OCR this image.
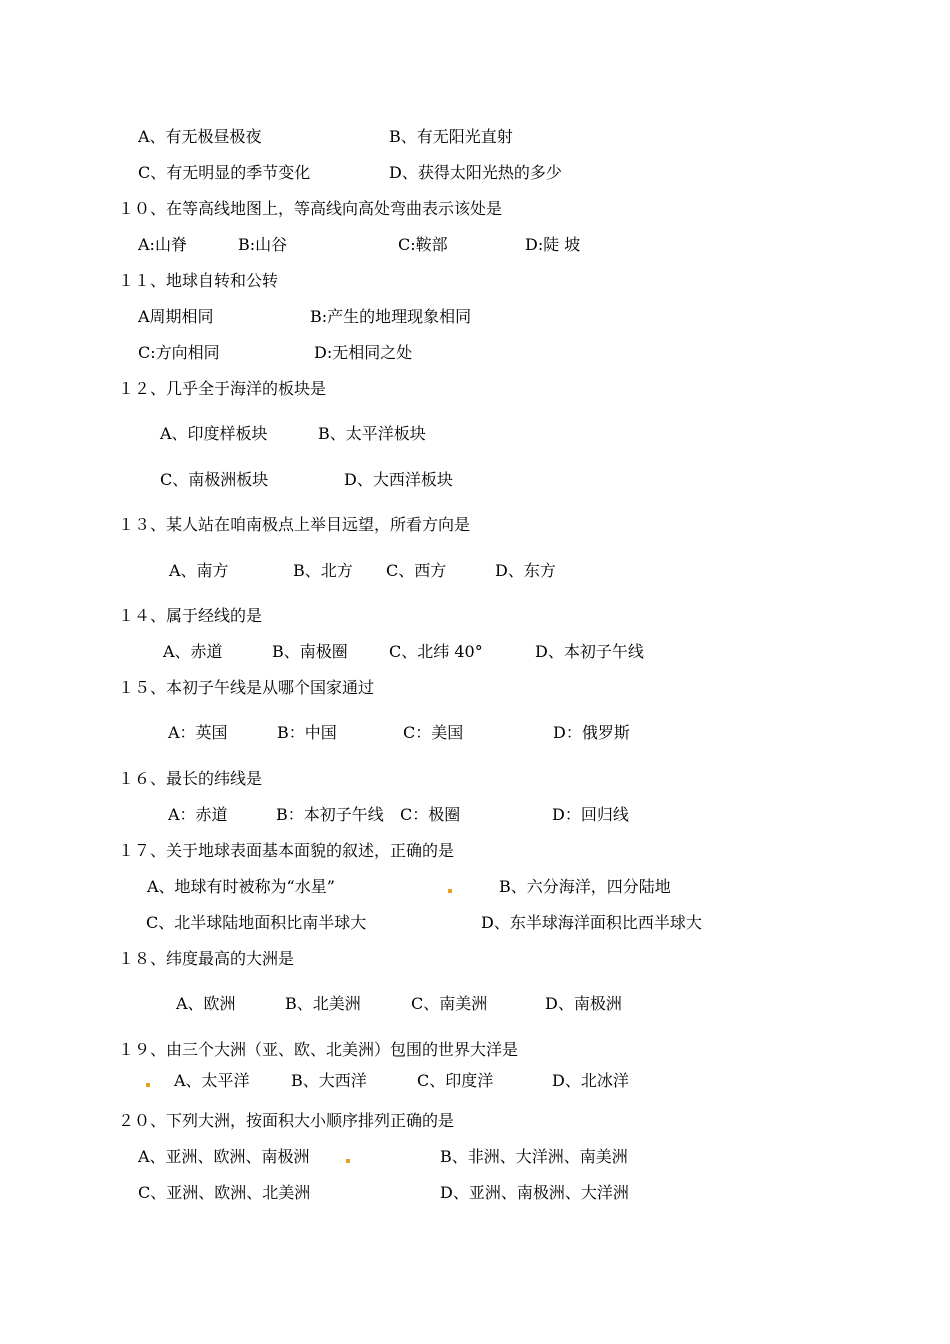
A、有无极昼极夜	B、有无阳光直射
C、有无明显的季节变化	D、获得太阳光热的多少
１０、在等高线地图上，等高线向高处弯曲表示该处是
A:山脊	B:山谷	C:鞍部	D:陡 坡
１１、地球自转和公转
A周期相同	B:产生的地理现象相同
C:方向相同	D:无相同之处
１２、几乎全于海洋的板块是
A、印度样板块	B、太平洋板块
C、南极洲板块	D、大西洋板块
１３、某人站在咱南极点上举目远望，所看方向是
A、南方	B、北方 C、西方	D、东方
１４、属于经线的是
A、赤道	B、南极圈	C、北纬 40°	D、本初子午线
１５、本初子午线是从哪个国家通过
A：英国	B：中国	C：美国	D：俄罗斯
１６、最长的纬线是
A：赤道	B：本初子午线 C：极圈	D：回归线
１７、关于地球表面基本面貌的叙述，正确的是
A、地球有时被称为“水星”	B、六分海洋，四分陆地
C、北半球陆地面积比南半球大	D、东半球海洋面积比西半球大
１８、纬度最高的大洲是
A、欧洲	B、北美洲	C、南美洲	D、南极洲
１９、由三个大洲（亚、欧、北美洲）包围的世界大洋是
A、太平洋	B、大西洋	C、印度洋	D、北冰洋
２０、下列大洲，按面积大小顺序排列正确的是
A、亚洲、欧洲、南极洲	B、非洲、大洋洲、南美洲
C、亚洲、欧洲、北美洲	D、亚洲、南极洲、大洋洲
